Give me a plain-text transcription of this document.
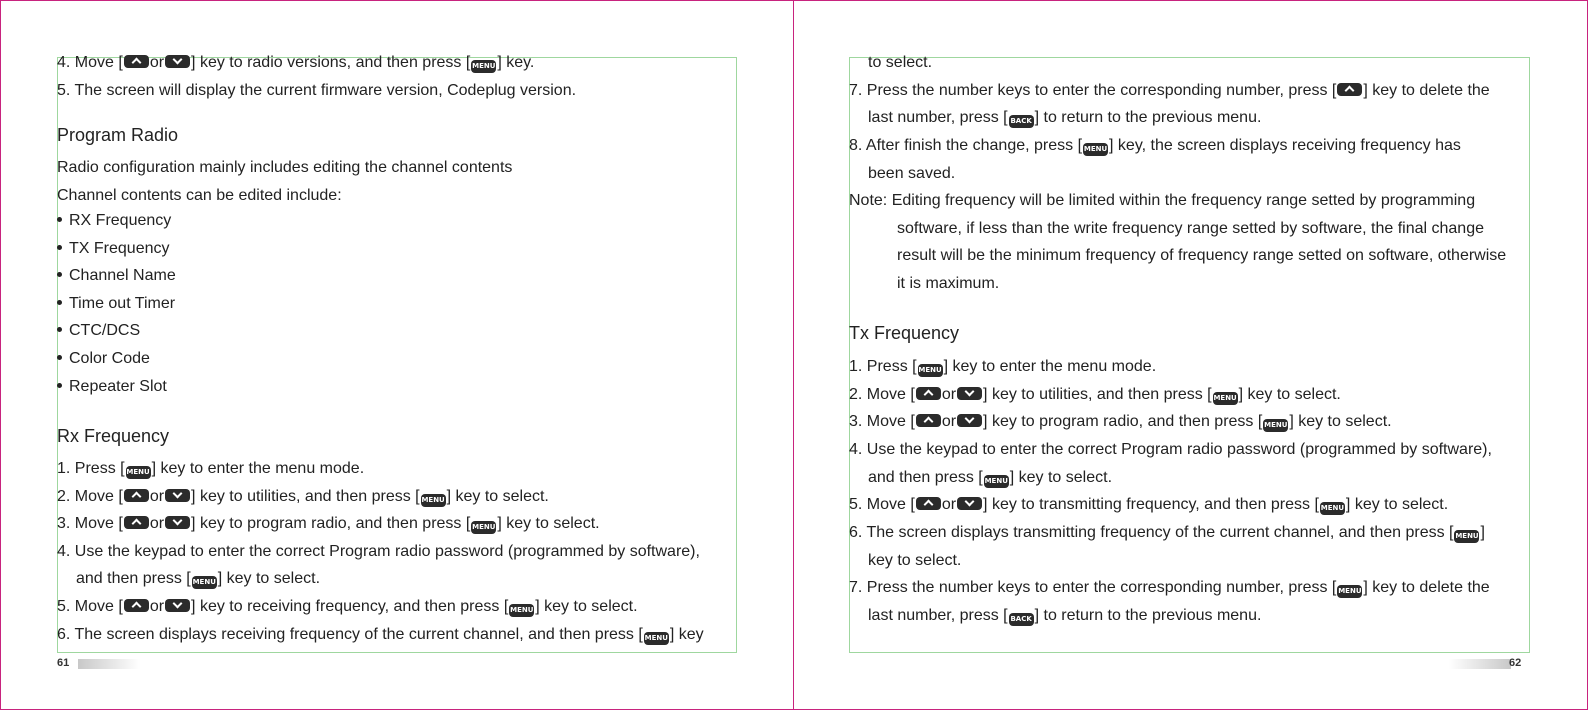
4. Move [ or ] key to radio versions, and then press [ MENU ] key.
5. The screen will display the current firmware version, Codeplug version.
Program Radio
Radio configuration mainly includes editing the channel contents
Channel contents can be edited include:
RX Frequency
TX Frequency
Channel Name
Time out Timer
CTC/DCS
Color Code
Repeater Slot
Rx Frequency
1. Press [ MENU ] key to enter the menu mode.
2. Move [ or ] key to utilities, and then press [ MENU ] key to select.
3. Move [ or ] key to program radio, and then press [ MENU ] key to select.
4. Use the keypad to enter the correct Program radio password (programmed by software),
and then press [ MENU ] key to select.
5. Move [ or ] key to receiving frequency, and then press [ MENU ] key to select.
6. The screen displays receiving frequency of the current channel, and then press [ MENU ] key
to select.
7. Press the number keys to enter the corresponding number, press [ ] key to delete the
last number, press [ BACK ] to return to the previous menu.
8. After finish the change, press [ MENU ] key, the screen displays receiving frequency has
been saved.
Note: Editing frequency will be limited within the frequency range setted by programming
software, if less than the write frequency range setted by software, the final change
result will be the minimum frequency of frequency range setted on software, otherwise
it is maximum.
Tx Frequency
1. Press [ MENU ] key to enter the menu mode.
2. Move [ or ] key to utilities, and then press [ MENU ] key to select.
3. Move [ or ] key to program radio, and then press [ MENU ] key to select.
4. Use the keypad to enter the correct Program radio password (programmed by software),
and then press [ MENU ] key to select.
5. Move [ or ] key to transmitting frequency, and then press [ MENU ] key to select.
6. The screen displays transmitting frequency of the current channel, and then press [ MENU ]
key to select.
7. Press the number keys to enter the corresponding number, press [ MENU ] key to delete the
last number, press [ BACK ] to return to the previous menu.
61	62
